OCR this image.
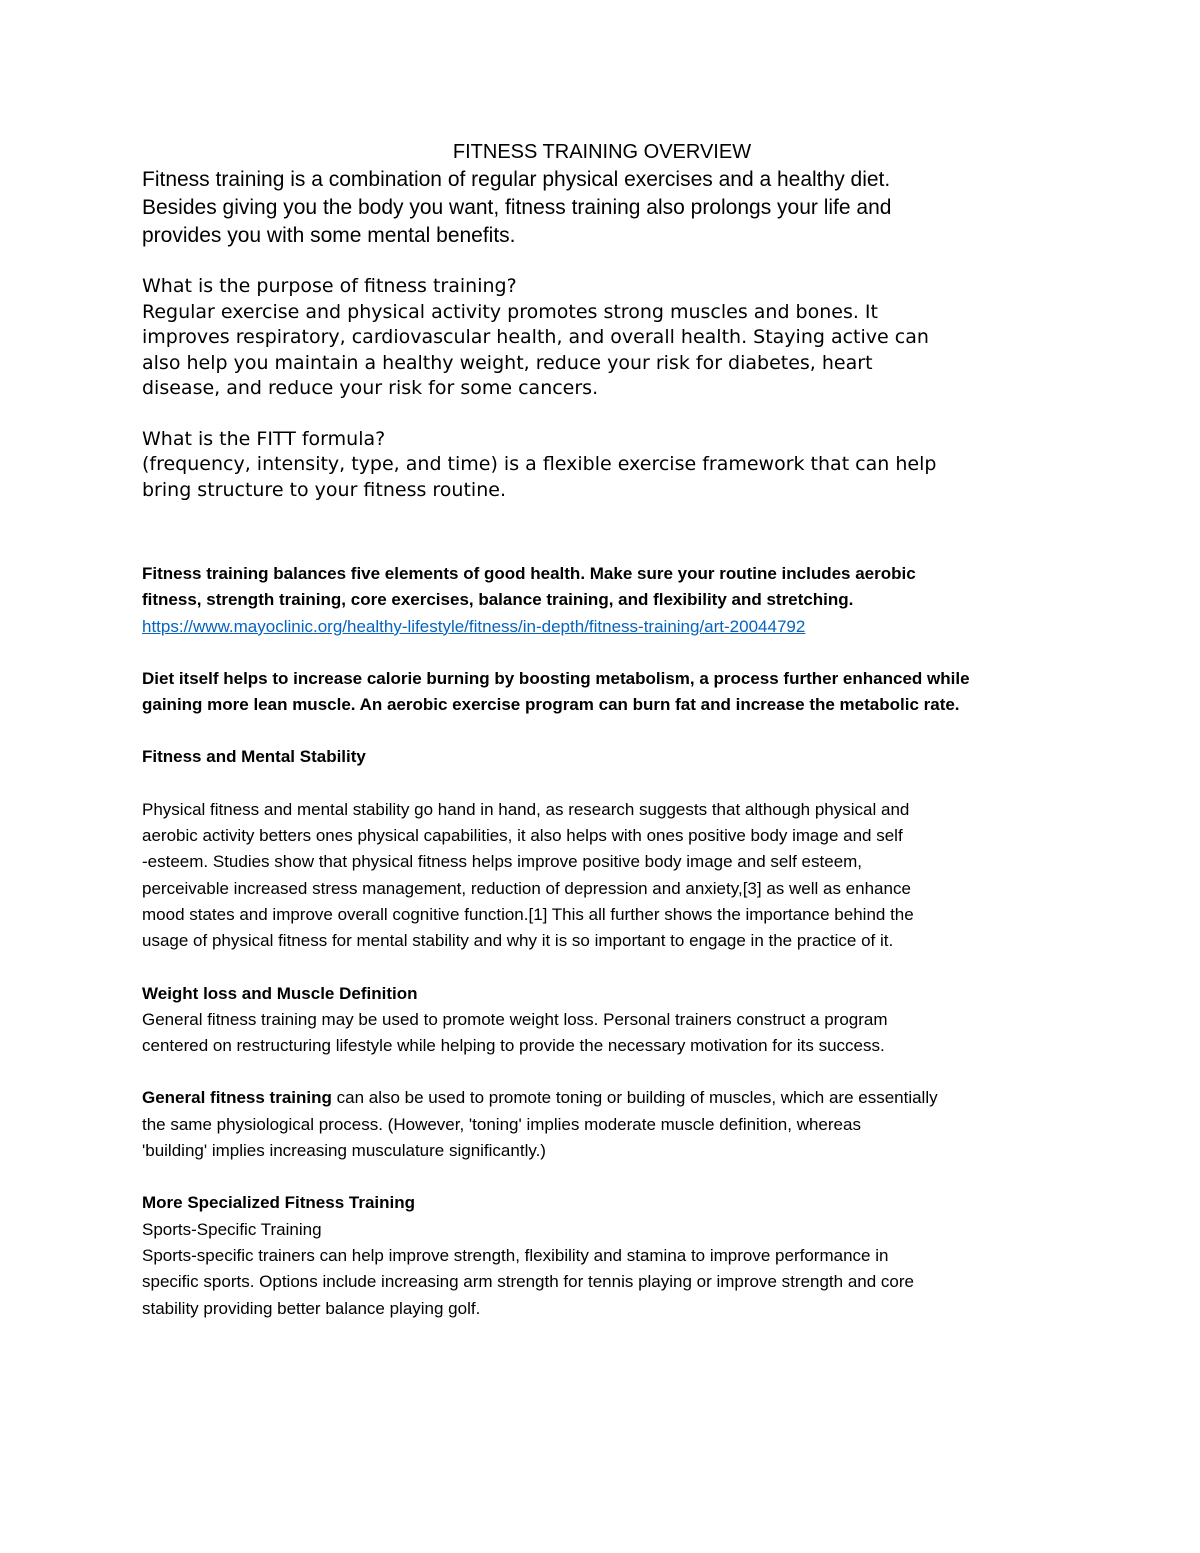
FITNESS TRAINING OVERVIEW

Fitness training is a combination of regular physical exercises and a healthy diet.
Besides giving you the body you want, fitness training also prolongs your life and
provides you with some mental benefits.

What is the purpose of fitness training?
Regular exercise and physical activity promotes strong muscles and bones. It
improves respiratory, cardiovascular health, and overall health. Staying active can
also help you maintain a healthy weight, reduce your risk for diabetes, heart
disease, and reduce your risk for some cancers.

What is the FITT formula?
(frequency, intensity, type, and time) is a flexible exercise framework that can help
bring structure to your fitness routine.

Fitness training balances five elements of good health. Make sure your routine includes aerobic
fitness, strength training, core exercises, balance training, and flexibility and stretching.
https://www.mayoclinic.org/healthy-lifestyle/fitness/in-depth/fitness-training/art-20044792

Diet itself helps to increase calorie burning by boosting metabolism, a process further enhanced while
gaining more lean muscle. An aerobic exercise program can burn fat and increase the metabolic rate.

Fitness and Mental Stability

Physical fitness and mental stability go hand in hand, as research suggests that although physical and
aerobic activity betters ones physical capabilities, it also helps with ones positive body image and self
-esteem. Studies show that physical fitness helps improve positive body image and self esteem,
perceivable increased stress management, reduction of depression and anxiety,[3] as well as enhance
mood states and improve overall cognitive function.[1] This all further shows the importance behind the
usage of physical fitness for mental stability and why it is so important to engage in the practice of it.

Weight loss and Muscle Definition
General fitness training may be used to promote weight loss. Personal trainers construct a program
centered on restructuring lifestyle while helping to provide the necessary motivation for its success.

General fitness training can also be used to promote toning or building of muscles, which are essentially
the same physiological process. (However, 'toning' implies moderate muscle definition, whereas
'building' implies increasing musculature significantly.)

More Specialized Fitness Training
Sports-Specific Training
Sports-specific trainers can help improve strength, flexibility and stamina to improve performance in
specific sports. Options include increasing arm strength for tennis playing or improve strength and core
stability providing better balance playing golf.
